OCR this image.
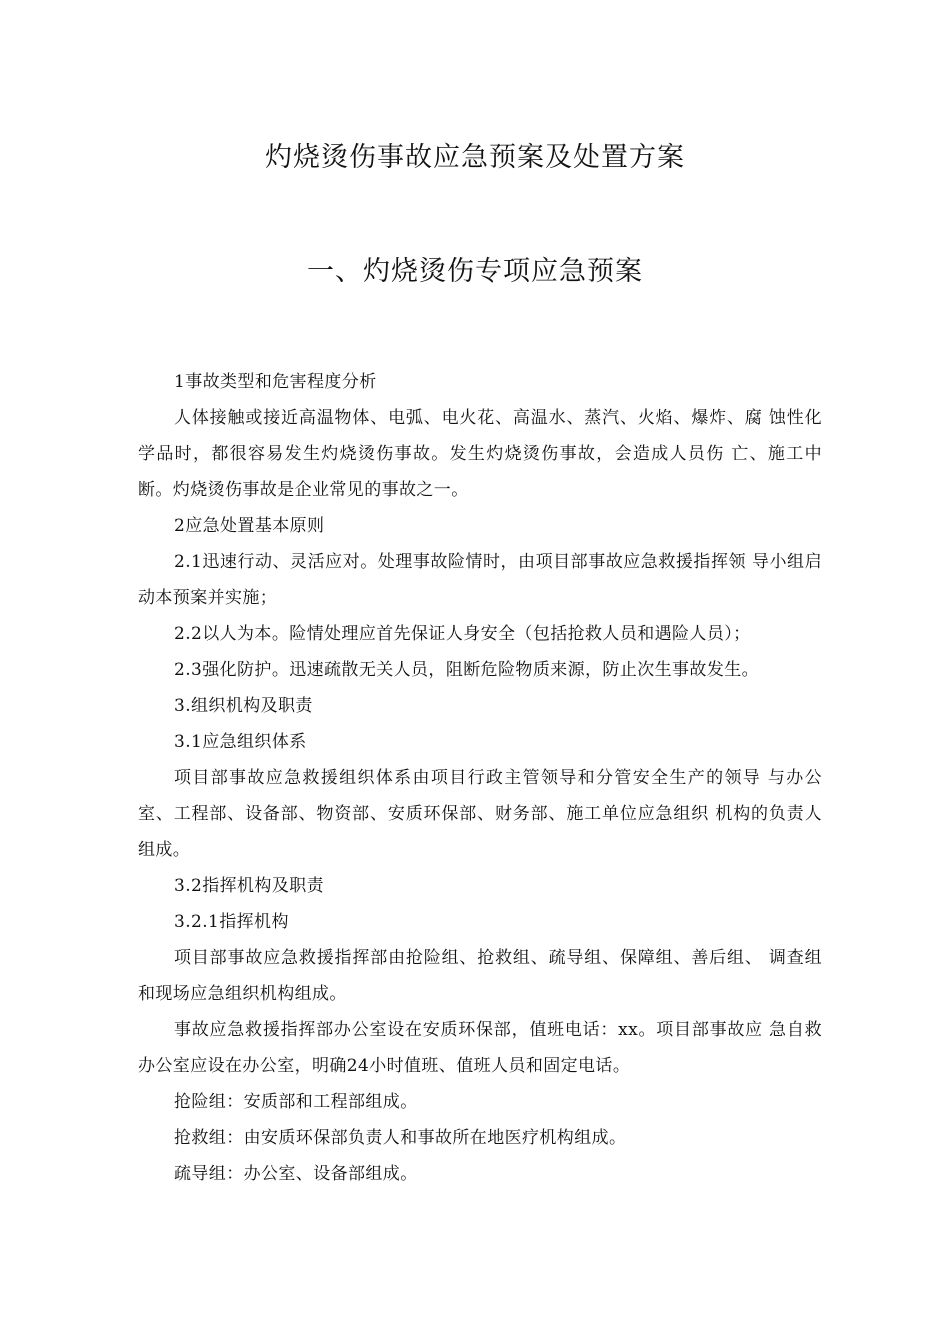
灼烧烫伤事故应急预案及处置方案
一、灼烧烫伤专项应急预案

1事故类型和危害程度分析

人体接触或接近高温物体、电弧、电火花、高温水、蒸汽、火焰、爆炸、腐 蚀性化学品时，都很容易发生灼烧烫伤事故。发生灼烧烫伤事故，会造成人员伤 亡、施工中断。灼烧烫伤事故是企业常见的事故之一。

2应急处置基本原则

2.1迅速行动、灵活应对。处理事故险情时，由项目部事故应急救援指挥领 导小组启动本预案并实施；

2.2以人为本。险情处理应首先保证人身安全（包括抢救人员和遇险人员）；

2.3强化防护。迅速疏散无关人员，阻断危险物质来源，防止次生事故发生。

3.组织机构及职责

3.1应急组织体系

项目部事故应急救援组织体系由项目行政主管领导和分管安全生产的领导 与办公室、工程部、设备部、物资部、安质环保部、财务部、施工单位应急组织 机构的负责人组成。

3.2指挥机构及职责

3.2.1指挥机构

项目部事故应急救援指挥部由抢险组、抢救组、疏导组、保障组、善后组、 调查组和现场应急组织机构组成。

事故应急救援指挥部办公室设在安质环保部，值班电话：xx。项目部事故应 急自救办公室应设在办公室，明确24小时值班、值班人员和固定电话。

抢险组：安质部和工程部组成。

抢救组：由安质环保部负责人和事故所在地医疗机构组成。

疏导组：办公室、设备部组成。
